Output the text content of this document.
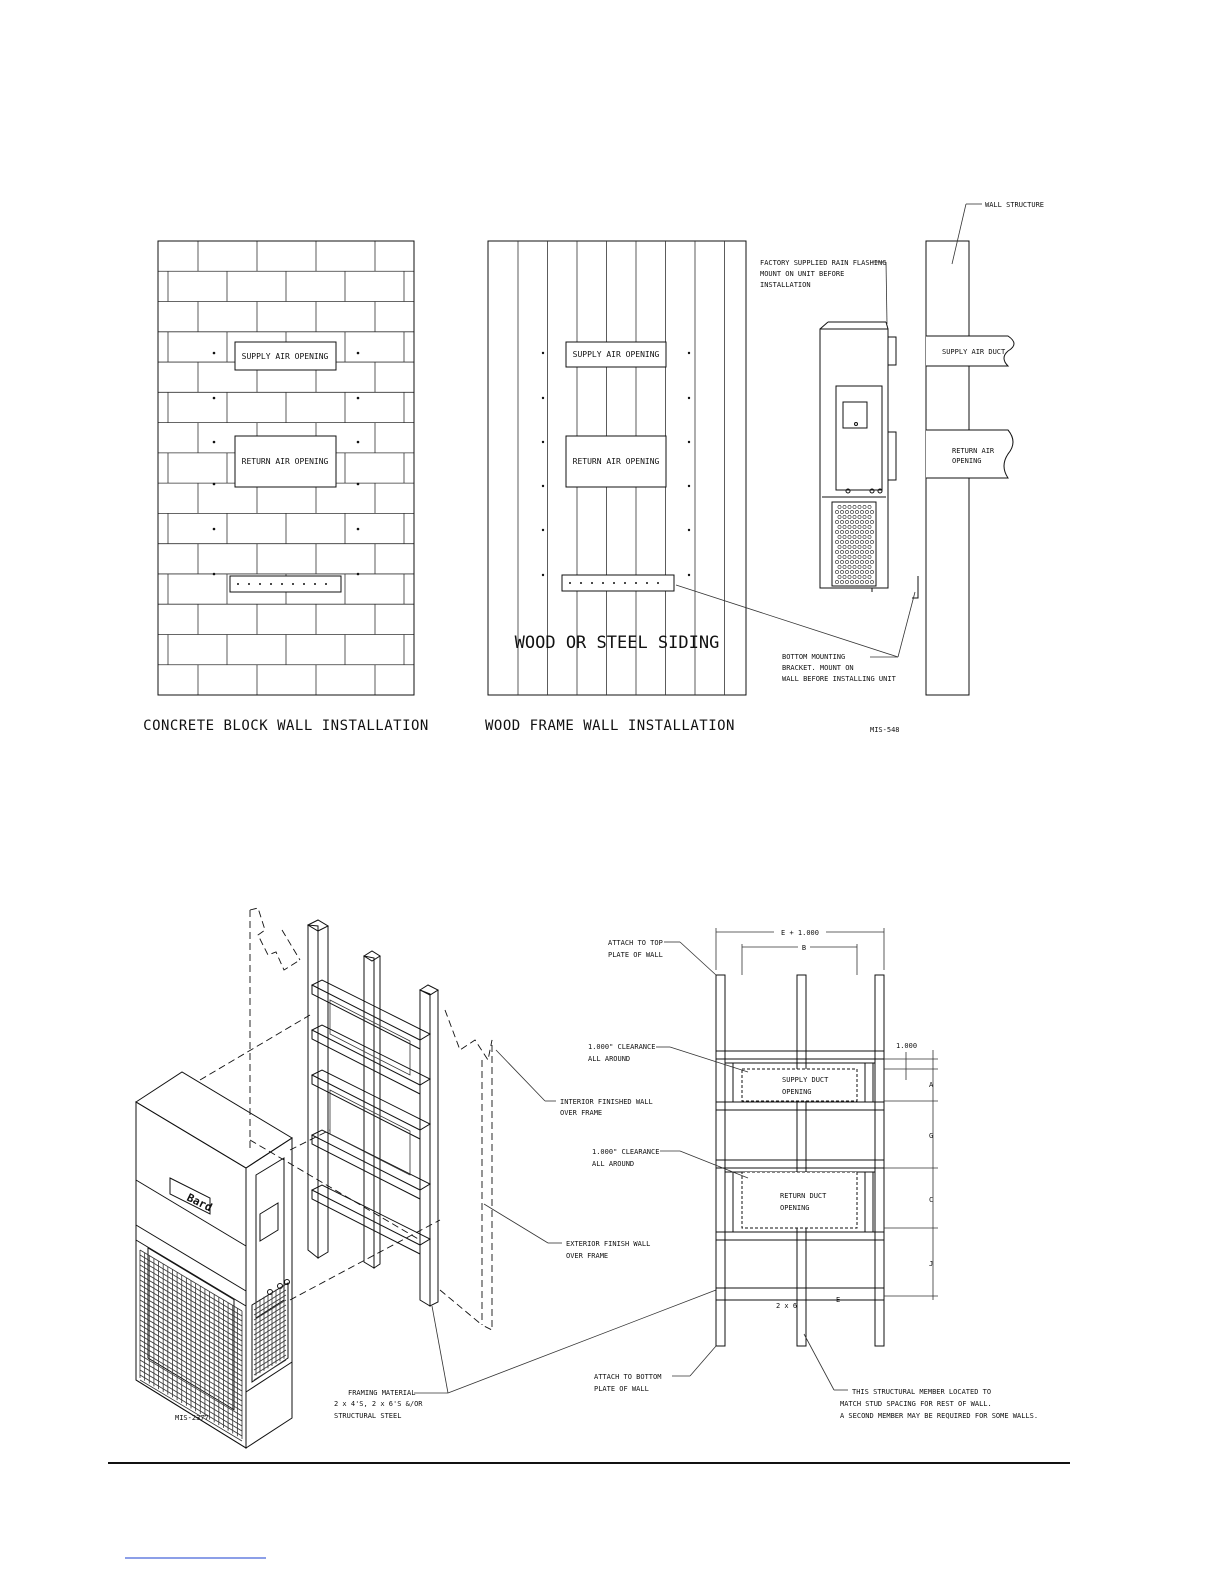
SUPPLY AIR OPENING
RETURN AIR OPENING
CONCRETE BLOCK WALL INSTALLATION
SUPPLY AIR OPENING
RETURN AIR OPENING
WOOD OR STEEL SIDING
WOOD FRAME WALL INSTALLATION
SUPPLY AIR DUCT
RETURN AIR
OPENING
WALL STRUCTURE
FACTORY SUPPLIED RAIN FLASHING
MOUNT ON UNIT BEFORE
INSTALLATION
BOTTOM MOUNTING
BRACKET. MOUNT ON
WALL BEFORE INSTALLING UNIT
MIS-548
Bard
INTERIOR FINISHED WALL
OVER FRAME
EXTERIOR FINISH WALL
OVER FRAME
FRAMING MATERIAL
2 x 4'S, 2 x 6'S &/OR
STRUCTURAL STEEL
MIS-2377
SUPPLY DUCT
OPENING
RETURN DUCT
OPENING
2 x 6
E + 1.000
B
1.000
A
G
C
J
E
ATTACH TO TOP
PLATE OF WALL
1.000" CLEARANCE
ALL AROUND
1.000" CLEARANCE
ALL AROUND
ATTACH TO BOTTOM
PLATE OF WALL	THIS STRUCTURAL MEMBER LOCATED TO
MATCH STUD SPACING FOR REST OF WALL.
A SECOND MEMBER MAY BE REQUIRED FOR SOME WALLS.
